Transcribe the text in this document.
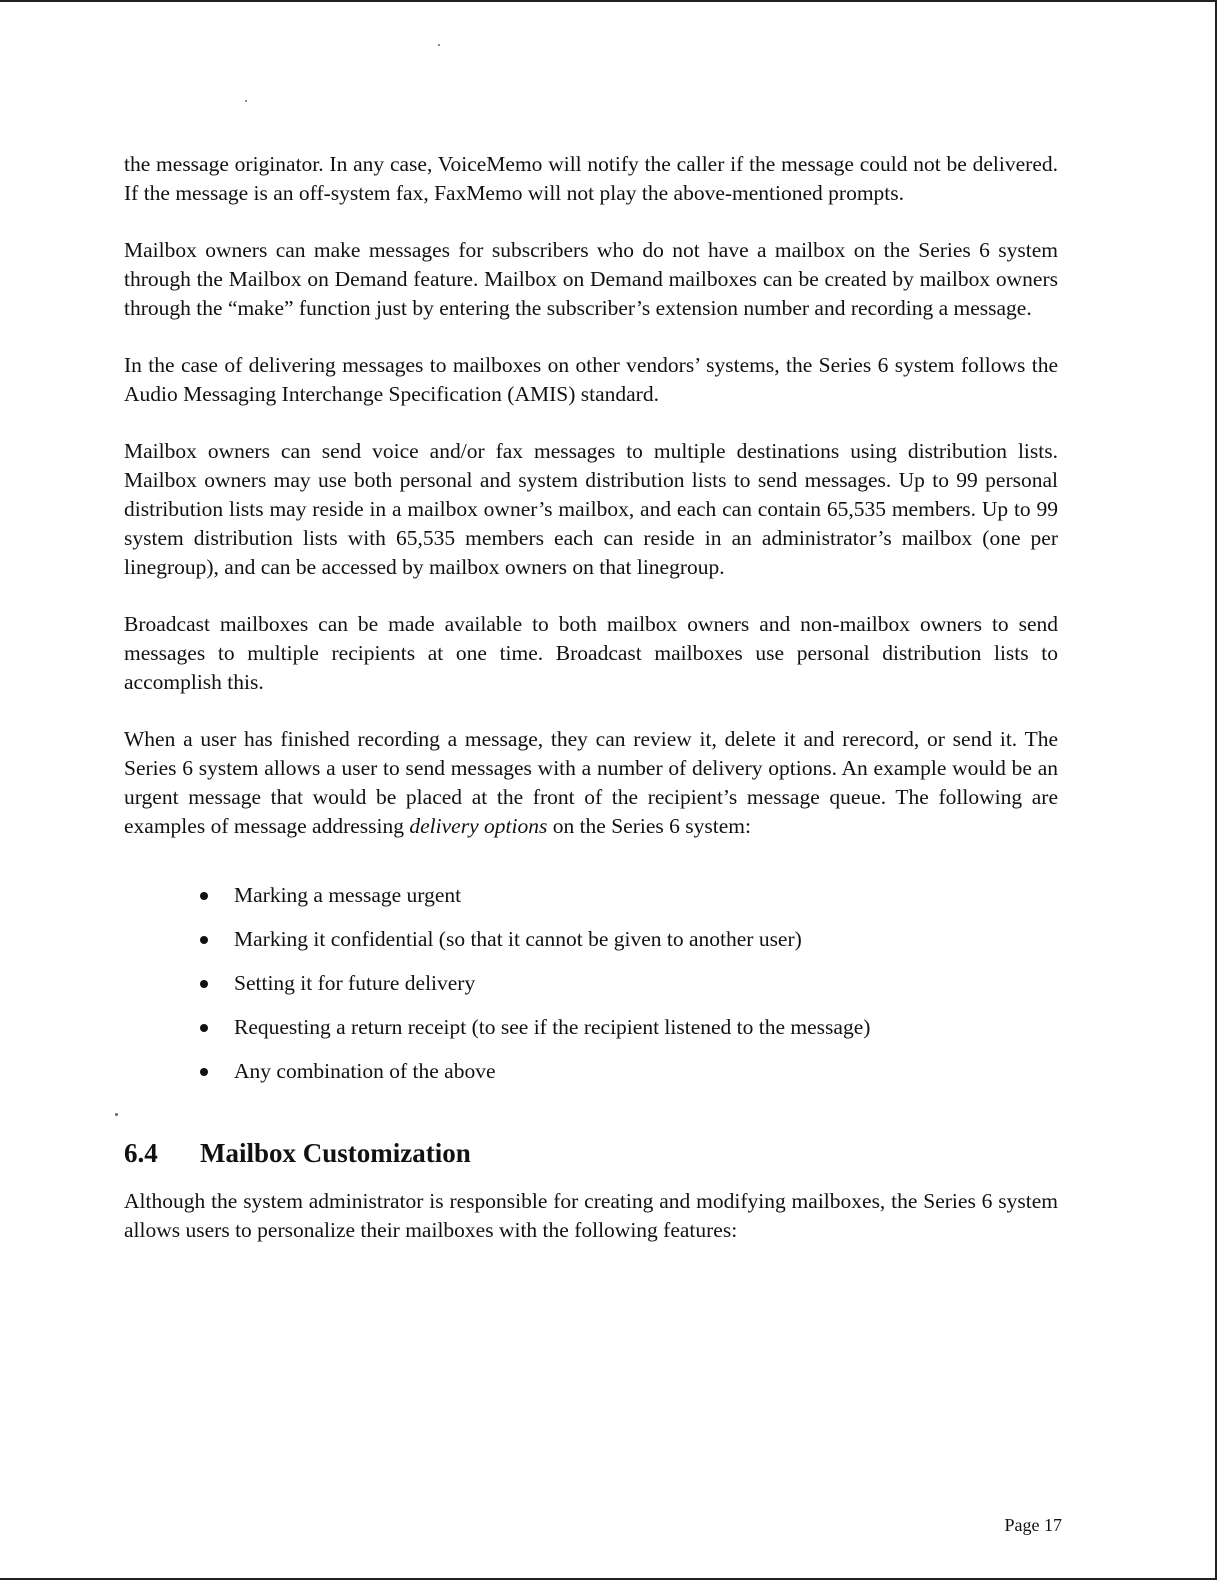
the message originator. In any case, VoiceMemo will notify the caller if the message could not be delivered. If the message is an off-system fax, FaxMemo will not play the above-mentioned prompts.

Mailbox owners can make messages for subscribers who do not have a mailbox on the Series 6 system through the Mailbox on Demand feature. Mailbox on Demand mailboxes can be created by mailbox owners through the “make” function just by entering the subscriber’s extension number and recording a message.

In the case of delivering messages to mailboxes on other vendors’ systems, the Series 6 system follows the Audio Messaging Interchange Specification (AMIS) standard.

Mailbox owners can send voice and/or fax messages to multiple destinations using distribution lists. Mailbox owners may use both personal and system distribution lists to send messages. Up to 99 personal distribution lists may reside in a mailbox owner’s mailbox, and each can contain 65,535 members. Up to 99 system distribution lists with 65,535 members each can reside in an administrator’s mailbox (one per linegroup), and can be accessed by mailbox owners on that linegroup.

Broadcast mailboxes can be made available to both mailbox owners and non-mailbox owners to send messages to multiple recipients at one time. Broadcast mailboxes use personal distribution lists to accomplish this.

When a user has finished recording a message, they can review it, delete it and rerecord, or send it. The Series 6 system allows a user to send messages with a number of delivery options. An example would be an urgent message that would be placed at the front of the recipient’s message queue. The following are examples of message addressing delivery options on the Series 6 system:

Marking a message urgent
Marking it confidential (so that it cannot be given to another user)
Setting it for future delivery
Requesting a return receipt (to see if the recipient listened to the message)
Any combination of the above
6.4	Mailbox Customization

Although the system administrator is responsible for creating and modifying mailboxes, the Series 6 system allows users to personalize their mailboxes with the following features:

Page 17
